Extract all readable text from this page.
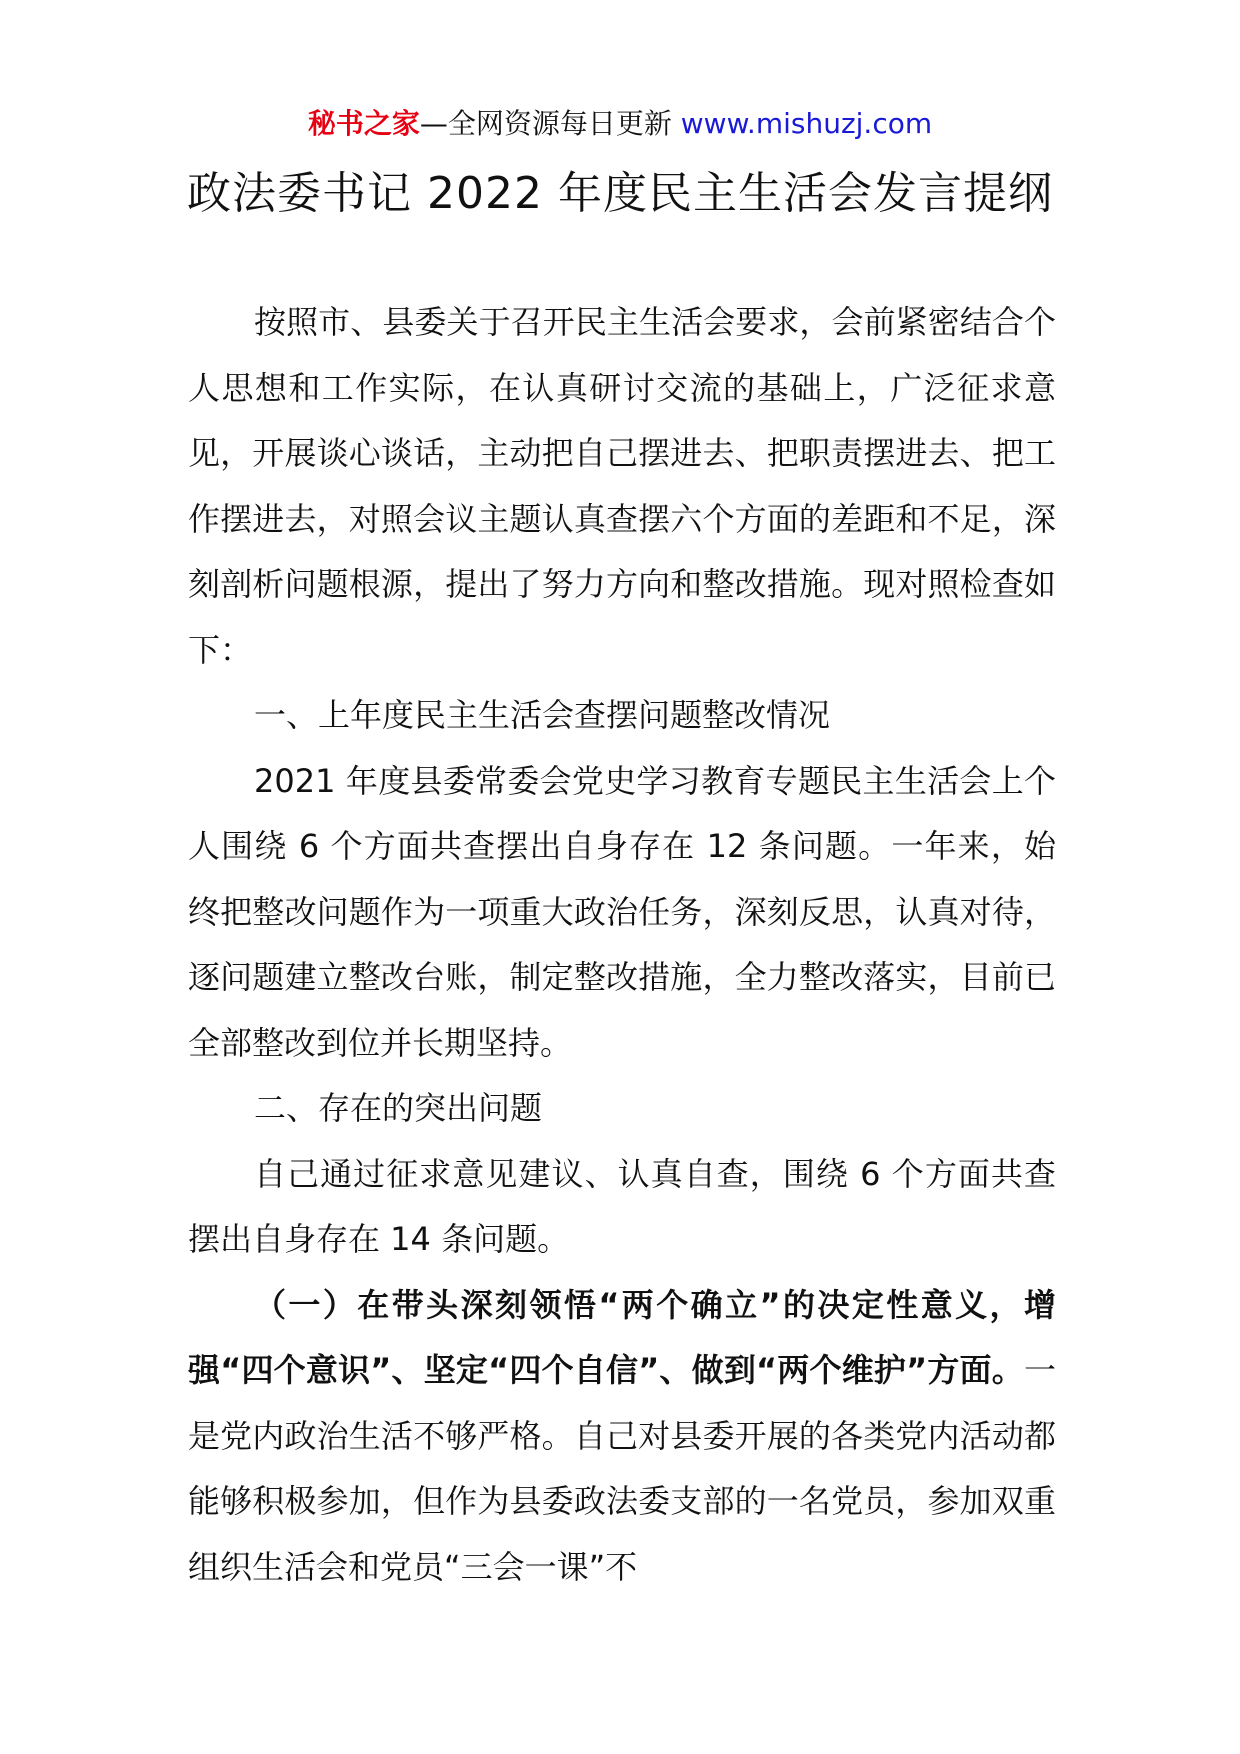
秘书之家—全网资源每日更新 www.mishuzj.com
政法委书记 2022 年度民主生活会发言提纲

按照市、县委关于召开民主生活会要求，会前紧密结合个人思想和工作实际，在认真研讨交流的基础上，广泛征求意见，开展谈心谈话，主动把自己摆进去、把职责摆进去、把工作摆进去，对照会议主题认真查摆六个方面的差距和不足，深刻剖析问题根源，提出了努力方向和整改措施。现对照检查如下：

一、上年度民主生活会查摆问题整改情况

2021 年度县委常委会党史学习教育专题民主生活会上个人围绕 6 个方面共查摆出自身存在 12 条问题。一年来，始终把整改问题作为一项重大政治任务，深刻反思，认真对待，逐问题建立整改台账，制定整改措施，全力整改落实，目前已全部整改到位并长期坚持。

二、存在的突出问题

自己通过征求意见建议、认真自查，围绕 6 个方面共查摆出自身存在 14 条问题。

（一）在带头深刻领悟“两个确立”的决定性意义，增强“四个意识”、坚定“四个自信”、做到“两个维护”方面。一是党内政治生活不够严格。自己对县委开展的各类党内活动都能够积极参加，但作为县委政法委支部的一名党员，参加双重组织生活会和党员“三会一课”不
